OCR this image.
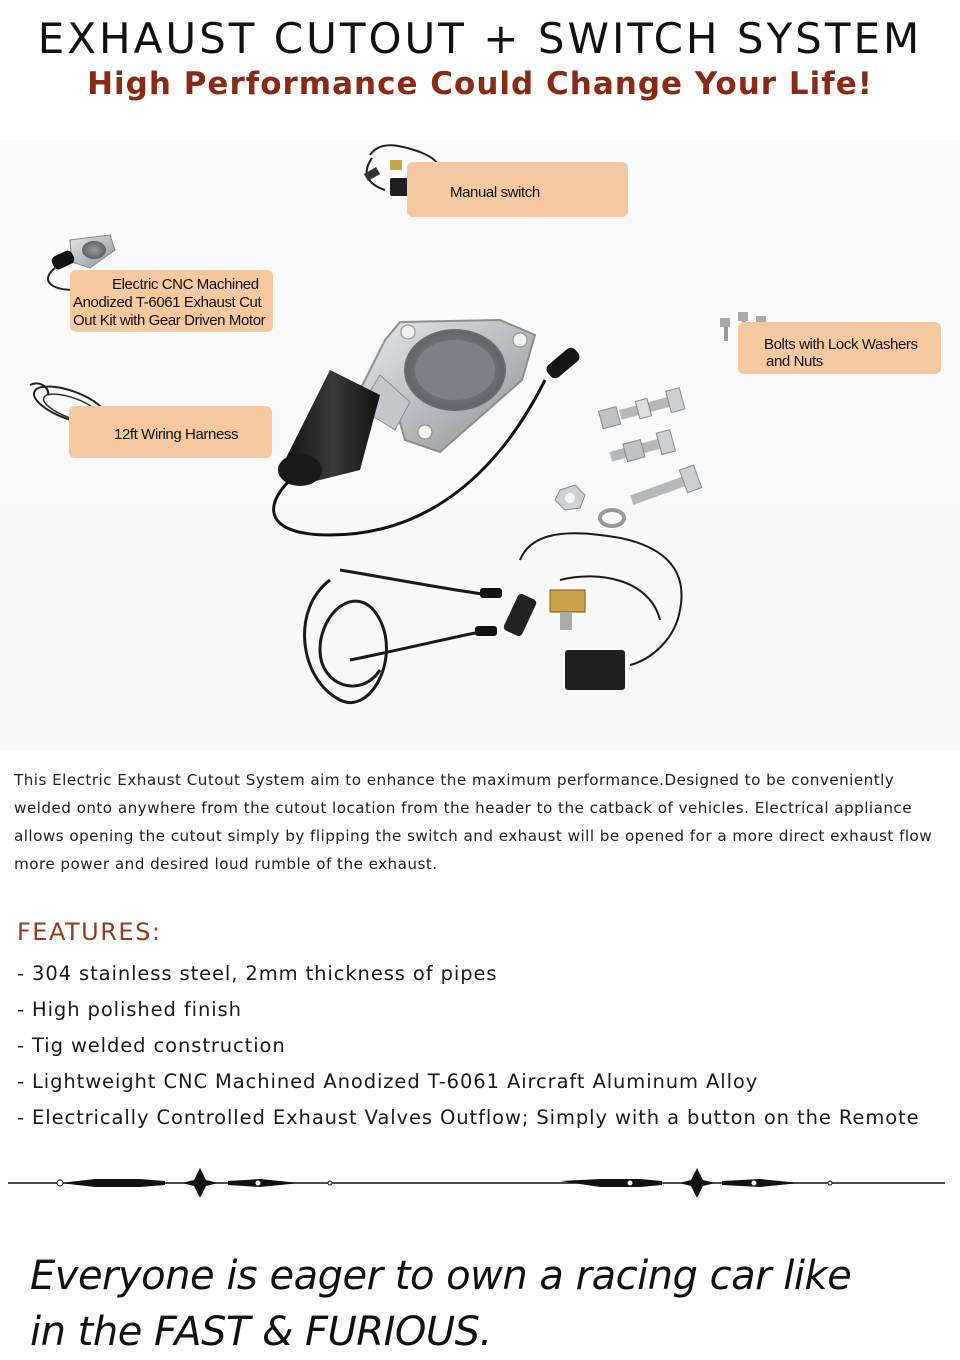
EXHAUST CUTOUT + SWITCH SYSTEM
High Performance Could Change Your Life!
Manual switch
Electric CNC Machined
Anodized T-6061 Exhaust Cut
Out Kit with Gear Driven Motor
Bolts with Lock Washers
and Nuts
12ft Wiring Harness
This Electric Exhaust Cutout System aim to enhance the maximum performance.Designed to be conveniently welded onto anywhere from the cutout location from the header to the catback of vehicles. Electrical appliance allows opening the cutout simply by flipping the switch and exhaust will be opened for a more direct exhaust flow more power and desired loud rumble of the exhaust.
FEATURES:
- 304 stainless steel, 2mm thickness of pipes
- High polished finish
- Tig welded construction
- Lightweight CNC Machined Anodized T-6061 Aircraft Aluminum Alloy
- Electrically Controlled Exhaust Valves Outflow; Simply with a button on the Remote
Everyone is eager to own a racing car like
in the FAST & FURIOUS.
